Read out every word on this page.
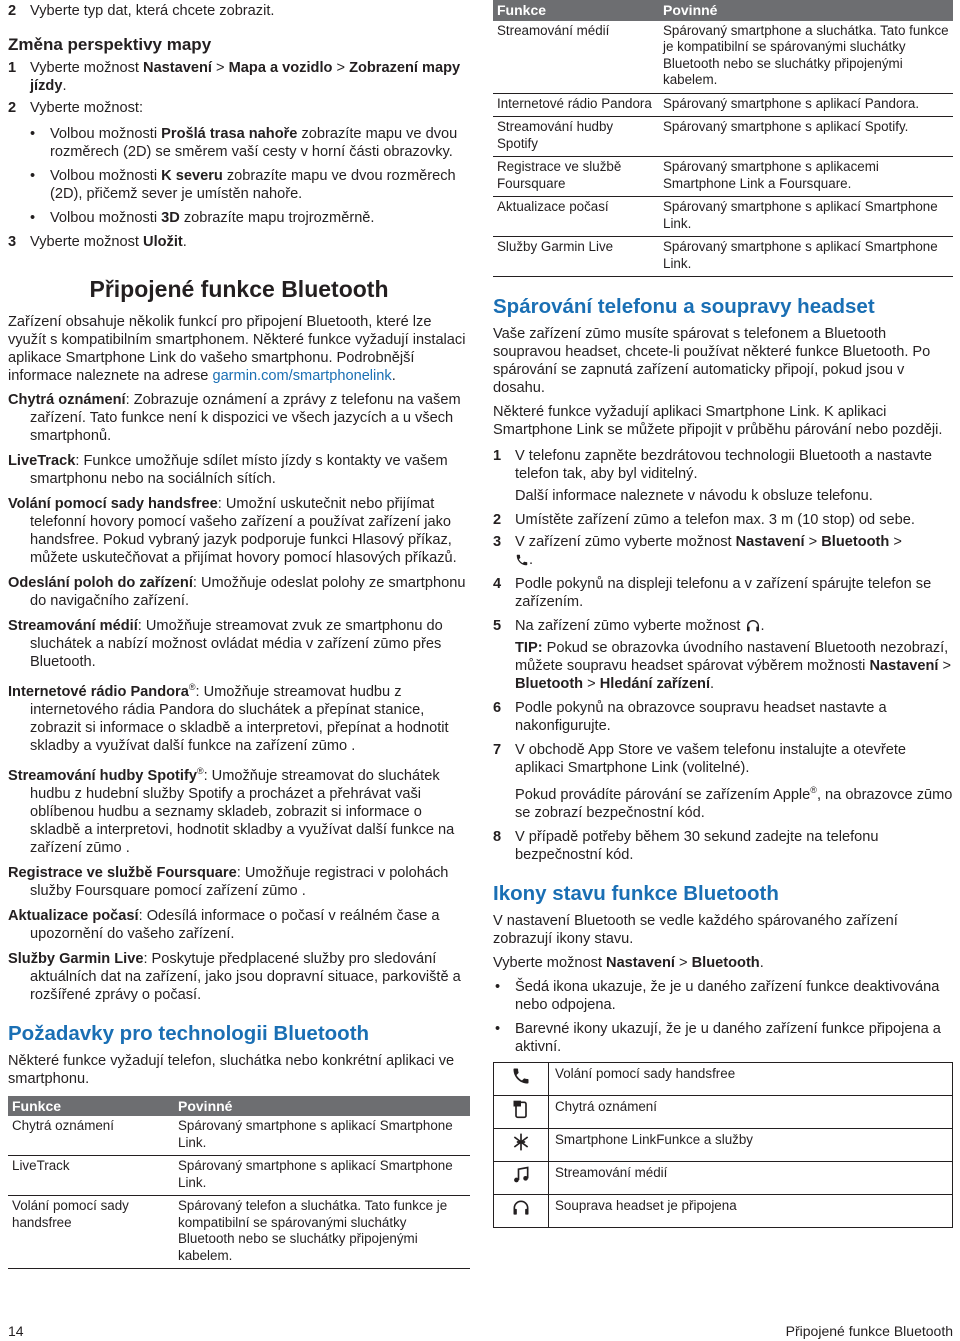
2 Vyberte typ dat, která chcete zobrazit.
Změna perspektivy mapy
1 Vyberte možnost Nastavení > Mapa a vozidlo > Zobrazení mapy jízdy.
2 Vyberte možnost:
• Volbou možnosti Prošlá trasa nahoře zobrazíte mapu ve dvou rozměrech (2D) se směrem vaší cesty v horní části obrazovky.
• Volbou možnosti K severu zobrazíte mapu ve dvou rozměrech (2D), přičemž sever je umístěn nahoře.
• Volbou možnosti 3D zobrazíte mapu trojrozměrně.
3 Vyberte možnost Uložit.
Připojené funkce Bluetooth

Zařízení obsahuje několik funkcí pro připojení Bluetooth, které lze využít s kompatibilním smartphonem. Některé funkce vyžadují instalaci aplikace Smartphone Link do vašeho smartphonu. Podrobnější informace naleznete na adrese garmin.com/smartphonelink.

Chytrá oznámení: Zobrazuje oznámení a zprávy z telefonu na vašem zařízení. Tato funkce není k dispozici ve všech jazycích a u všech smartphonů.

LiveTrack: Funkce umožňuje sdílet místo jízdy s kontakty ve vašem smartphonu nebo na sociálních sítích.

Volání pomocí sady handsfree: Umožní uskutečnit nebo přijímat telefonní hovory pomocí vašeho zařízení a používat zařízení jako handsfree. Pokud vybraný jazyk podporuje funkci Hlasový příkaz, můžete uskutečňovat a přijímat hovory pomocí hlasových příkazů.

Odeslání poloh do zařízení: Umožňuje odeslat polohy ze smartphonu do navigačního zařízení.

Streamování médií: Umožňuje streamovat zvuk ze smartphonu do sluchátek a nabízí možnost ovládat média v zařízení zūmo přes Bluetooth.

Internetové rádio Pandora®: Umožňuje streamovat hudbu z internetového rádia Pandora do sluchátek a přepínat stanice, zobrazit si informace o skladbě a interpretovi, přepínat a hodnotit skladby a využívat další funkce na zařízení zūmo .

Streamování hudby Spotify®: Umožňuje streamovat do sluchátek hudbu z hudební služby Spotify a procházet a přehrávat vaši oblíbenou hudbu a seznamy skladeb, zobrazit si informace o skladbě a interpretovi, hodnotit skladby a využívat další funkce na zařízení zūmo .

Registrace ve službě Foursquare: Umožňuje registraci v polohách služby Foursquare pomocí zařízení zūmo .

Aktualizace počasí: Odesílá informace o počasí v reálném čase a upozornění do vašeho zařízení.

Služby Garmin Live: Poskytuje předplacené služby pro sledování aktuálních dat na zařízení, jako jsou dopravní situace, parkoviště a rozšířené zprávy o počasí.

Požadavky pro technologii Bluetooth

Některé funkce vyžadují telefon, sluchátka nebo konkrétní aplikaci ve smartphonu.

Funkce	Povinné
Chytrá oznámení	Spárovaný smartphone s aplikací Smartphone Link.
LiveTrack	Spárovaný smartphone s aplikací Smartphone Link.
Volání pomocí sady handsfree	Spárovaný telefon a sluchátka. Tato funkce je kompatibilní se spárovanými sluchátky Bluetooth nebo se sluchátky připojenými kabelem.
Funkce	Povinné
Streamování médií	Spárovaný smartphone a sluchátka. Tato funkce je kompatibilní se spárovanými sluchátky Bluetooth nebo se sluchátky připojenými kabelem.
Internetové rádio Pandora	Spárovaný smartphone s aplikací Pandora.
Streamování hudby Spotify	Spárovaný smartphone s aplikací Spotify.
Registrace ve službě Foursquare	Spárovaný smartphone s aplikacemi Smartphone Link a Foursquare.
Aktualizace počasí	Spárovaný smartphone s aplikací Smartphone Link.
Služby Garmin Live	Spárovaný smartphone s aplikací Smartphone Link.
Spárování telefonu a soupravy headset

Vaše zařízení zūmo musíte spárovat s telefonem a Bluetooth soupravou headset, chcete-li používat některé funkce Bluetooth. Po spárování se zapnutá zařízení automaticky připojí, pokud jsou v dosahu.

Některé funkce vyžadují aplikaci Smartphone Link. K aplikaci Smartphone Link se můžete připojit v průběhu párování nebo později.

1 V telefonu zapněte bezdrátovou technologii Bluetooth a nastavte telefon tak, aby byl viditelný.

Další informace naleznete v návodu k obsluze telefonu.

2 Umístěte zařízení zūmo a telefon max. 3 m (10 stop) od sebe.
3 V zařízení zūmo vyberte možnost Nastavení > Bluetooth >
.
4 Podle pokynů na displeji telefonu a v zařízení spárujte telefon se zařízením.
5 Na zařízení zūmo vyberte možnost .

TIP: Pokud se obrazovka úvodního nastavení Bluetooth nezobrazí, můžete soupravu headset spárovat výběrem možnosti Nastavení > Bluetooth > Hledání zařízení.

6 Podle pokynů na obrazovce soupravu headset nastavte a nakonfigurujte.
7 V obchodě App Store ve vašem telefonu instalujte a otevřete aplikaci Smartphone Link (volitelné).

Pokud provádíte párování se zařízením Apple®, na obrazovce zūmo se zobrazí bezpečnostní kód.

8 V případě potřeby během 30 sekund zadejte na telefonu bezpečnostní kód.
Ikony stavu funkce Bluetooth

V nastavení Bluetooth se vedle každého spárovaného zařízení zobrazují ikony stavu.

Vyberte možnost Nastavení > Bluetooth.

• Šedá ikona ukazuje, že je u daného zařízení funkce deaktivována nebo odpojena.
• Barevné ikony ukazují, že je u daného zařízení funkce připojena a aktivní.
	Volání pomocí sady handsfree
	Chytrá oznámení
	Smartphone LinkFunkce a služby
	Streamování médií
	Souprava headset je připojena
14	Připojené funkce Bluetooth
